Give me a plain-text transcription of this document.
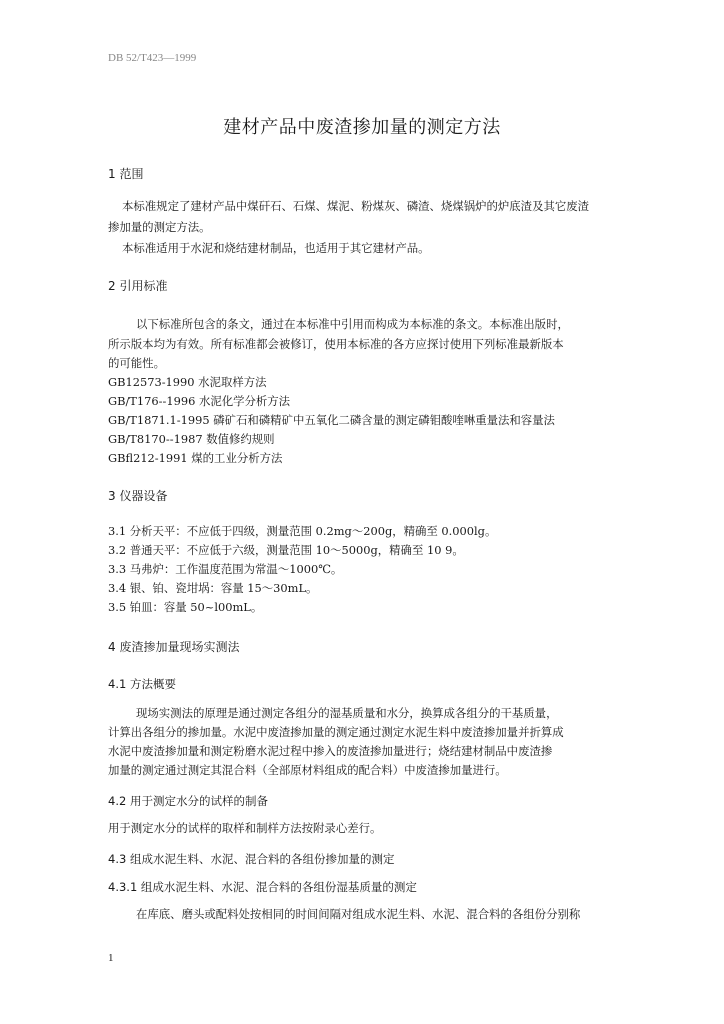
DB 52/T423—1999
建材产品中废渣掺加量的测定方法
1 范围
本标准规定了建材产品中煤矸石、石煤、煤泥、粉煤灰、磷渣、烧煤锅炉的炉底渣及其它废渣
掺加量的测定方法。
本标准适用于水泥和烧结建材制品，也适用于其它建材产品。
2 引用标准
以下标准所包含的条文，通过在本标准中引用而构成为本标准的条文。本标准出版时，
所示版本均为有效。所有标准都会被修订，使用本标准的各方应探讨使用下列标准最新版本
的可能性。
GB12573-1990 水泥取样方法
GB/T176--1996 水泥化学分析方法
GB/T1871.1-1995 磷矿石和磷精矿中五氧化二磷含量的测定磷钼酸喹啉重量法和容量法
GB/T8170--1987 数值修约规则
GBfl212-1991 煤的工业分析方法
3 仪器设备
3.1 分析天平：不应低于四级，测量范围 0.2mg～200g，精确至 0.000lg。
3.2 普通天平：不应低于六级，测量范围 10～5000g，精确至 10 9。
3.3 马弗炉：工作温度范围为常温～1000℃。
3.4 银、铂、瓷坩埚：容量 15～30mL。
3.5 铂皿：容量 50~l00mL。
4 废渣掺加量现场实测法
4.1 方法概要
现场实测法的原理是通过测定各组分的湿基质量和水分，换算成各组分的干基质量，
计算出各组分的掺加量。水泥中废渣掺加量的测定通过测定水泥生料中废渣掺加量并折算成
水泥中废渣掺加量和测定粉磨水泥过程中掺入的废渣掺加量进行；烧结建材制品中废渣掺
加量的测定通过测定其混合料（全部原材料组成的配合料）中废渣掺加量进行。
4.2 用于测定水分的试样的制备
用于测定水分的试样的取样和制样方法按附录心差行。
4.3 组成水泥生料、水泥、混合料的各组份掺加量的测定
4.3.1 组成水泥生料、水泥、混合料的各组份湿基质量的测定
在库底、磨头或配料处按相同的时间间隔对组成水泥生料、水泥、混合料的各组份分别称
1
